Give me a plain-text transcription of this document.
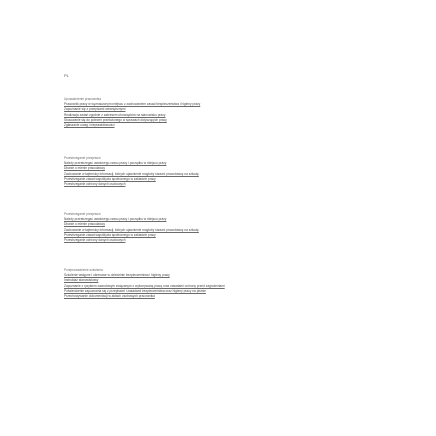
PL
Upoważnienie pracownika
Pracownik pracy w wyznaczonym miejscu z zachowaniem zasad bezpieczeństwa i higieny pracy
Zapoznanie się z przepisami wewnętrznymi
Realizacja zadań zgodnie z zakresem obowiązków na stanowisku pracy
Stosowanie się do poleceń przełożonego w sprawach dotyczących pracy
Zgłaszanie uwag i nieprawidłowości
Przestrzeganie przepisów
Należy przestrzegać ustalonego czasu pracy i porządku w miejscu pracy
Dbanie o mienie pracodawcy
Zachowanie w tajemnicy informacji, których ujawnienie mogłoby narazić pracodawcę na szkodę
Przestrzeganie zasad współżycia społecznego w zakładzie pracy
Przestrzeganie ochrony danych osobowych
Przestrzeganie przepisów
Należy przestrzegać ustalonego czasu pracy i porządku w miejscu pracy
Dbanie o mienie pracodawcy
Zachowanie w tajemnicy informacji, których ujawnienie mogłoby narazić pracodawcę na szkodę
Przestrzeganie zasad współżycia społecznego w zakładzie pracy
Przestrzeganie ochrony danych osobowych
Przeprowadzenie szkolenia
Szkolenie wstępne i okresowe w dziedzinie bezpieczeństwa i higieny pracy
Instruktaż stanowiskowy
Zapoznanie z ryzykiem zawodowym związanym z wykonywaną pracą oraz zasadami ochrony przed zagrożeniami
Potwierdzenie zapoznania się z przepisami i zasadami bezpieczeństwa oraz higieny pracy na piśmie
Przechowywanie dokumentacji w aktach osobowych pracownika
